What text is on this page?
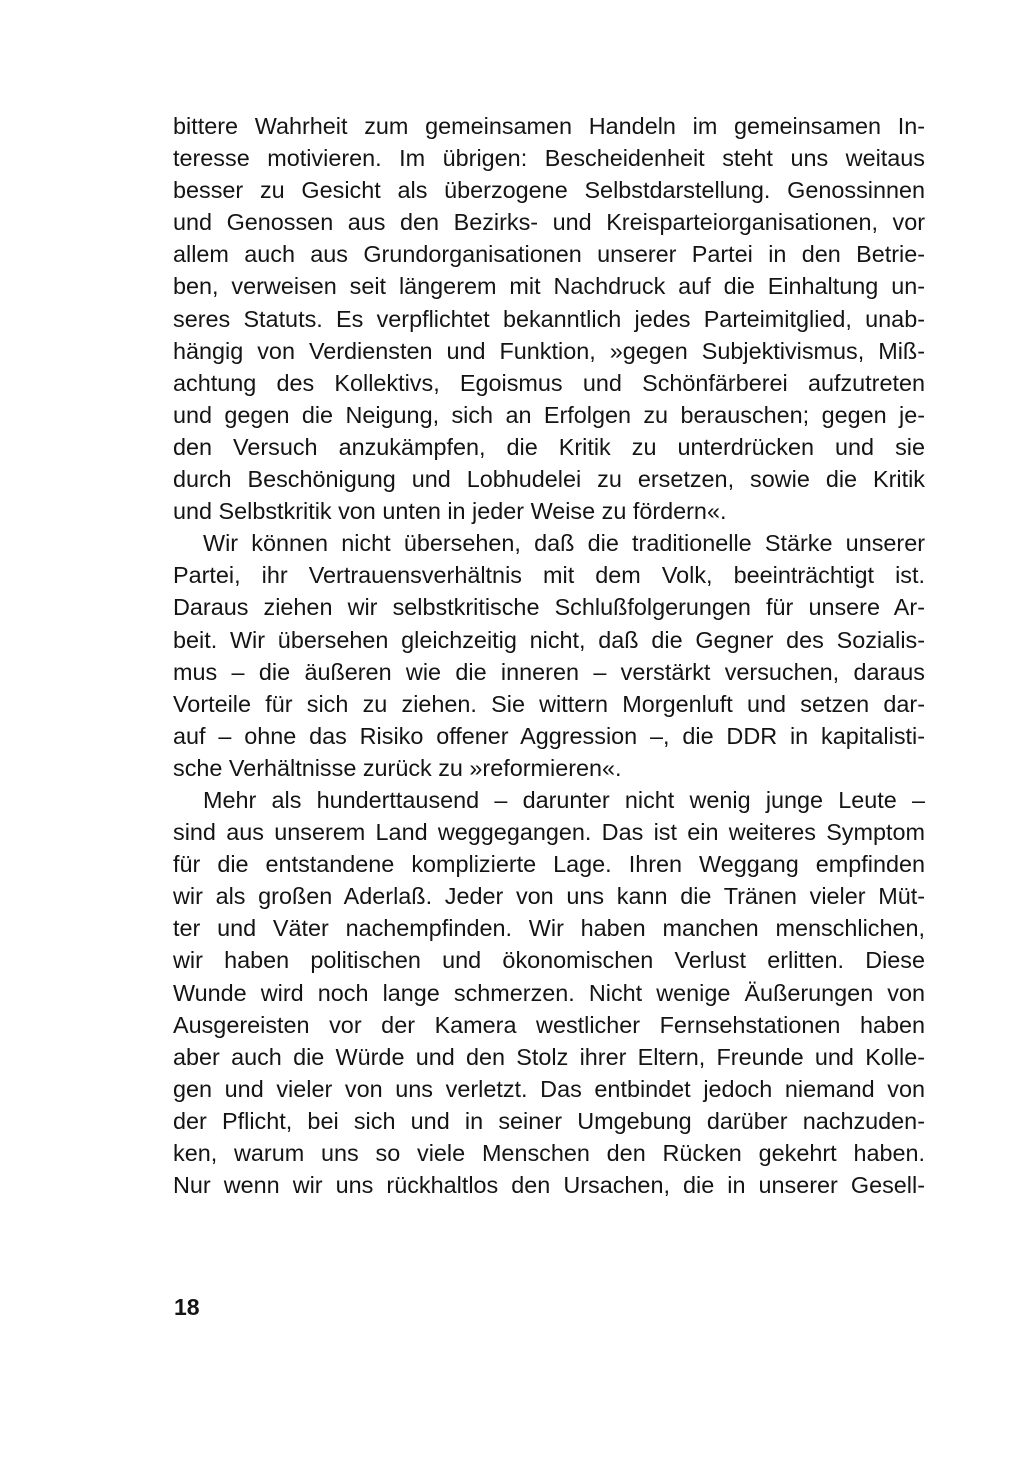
bittere Wahrheit zum gemeinsamen Handeln im gemeinsamen In-
teresse motivieren. Im übrigen: Bescheidenheit steht uns weitaus
besser zu Gesicht als überzogene Selbstdarstellung. Genossinnen
und Genossen aus den Bezirks- und Kreisparteiorganisationen, vor
allem auch aus Grundorganisationen unserer Partei in den Betrie-
ben, verweisen seit längerem mit Nachdruck auf die Einhaltung un-
seres Statuts. Es verpflichtet bekanntlich jedes Parteimitglied, unab-
hängig von Verdiensten und Funktion, »gegen Subjektivismus, Miß-
achtung des Kollektivs, Egoismus und Schönfärberei aufzutreten
und gegen die Neigung, sich an Erfolgen zu berauschen; gegen je-
den Versuch anzukämpfen, die Kritik zu unterdrücken und sie
durch Beschönigung und Lobhudelei zu ersetzen, sowie die Kritik
und Selbstkritik von unten in jeder Weise zu fördern«.

Wir können nicht übersehen, daß die traditionelle Stärke unserer
Partei, ihr Vertrauensverhältnis mit dem Volk, beeinträchtigt ist.
Daraus ziehen wir selbstkritische Schlußfolgerungen für unsere Ar-
beit. Wir übersehen gleichzeitig nicht, daß die Gegner des Sozialis-
mus – die äußeren wie die inneren – verstärkt versuchen, daraus
Vorteile für sich zu ziehen. Sie wittern Morgenluft und setzen dar-
auf – ohne das Risiko offener Aggression –, die DDR in kapitalisti-
sche Verhältnisse zurück zu »reformieren«.

Mehr als hunderttausend – darunter nicht wenig junge Leute –
sind aus unserem Land weggegangen. Das ist ein weiteres Symptom
für die entstandene komplizierte Lage. Ihren Weggang empfinden
wir als großen Aderlaß. Jeder von uns kann die Tränen vieler Müt-
ter und Väter nachempfinden. Wir haben manchen menschlichen,
wir haben politischen und ökonomischen Verlust erlitten. Diese
Wunde wird noch lange schmerzen. Nicht wenige Äußerungen von
Ausgereisten vor der Kamera westlicher Fernsehstationen haben
aber auch die Würde und den Stolz ihrer Eltern, Freunde und Kolle-
gen und vieler von uns verletzt. Das entbindet jedoch niemand von
der Pflicht, bei sich und in seiner Umgebung darüber nachzuden-
ken, warum uns so viele Menschen den Rücken gekehrt haben.
Nur wenn wir uns rückhaltlos den Ursachen, die in unserer Gesell-

18
